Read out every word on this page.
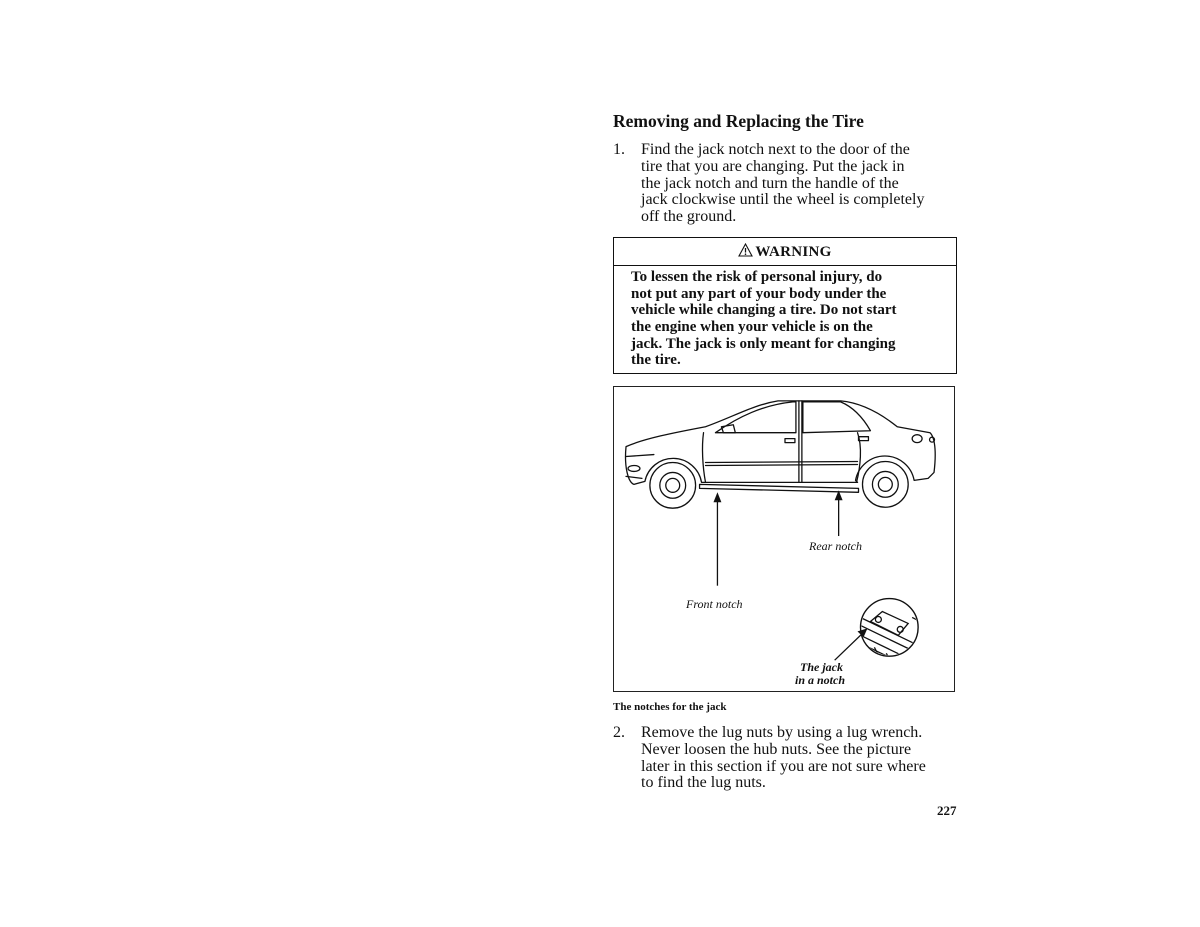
Removing and Replacing the Tire
1. Find the jack notch next to the door of the
tire that you are changing. Put the jack in
the jack notch and turn the handle of the
jack clockwise until the wheel is completely
off the ground.
WARNING
To lessen the risk of personal injury, do
not put any part of your body under the
vehicle while changing a tire. Do not start
the engine when your vehicle is on the
jack. The jack is only meant for changing
the tire.
Rear notch
Front notch
The jack
in a notch
The notches for the jack
2. Remove the lug nuts by using a lug wrench.
Never loosen the hub nuts. See the picture
later in this section if you are not sure where
to find the lug nuts.
227
